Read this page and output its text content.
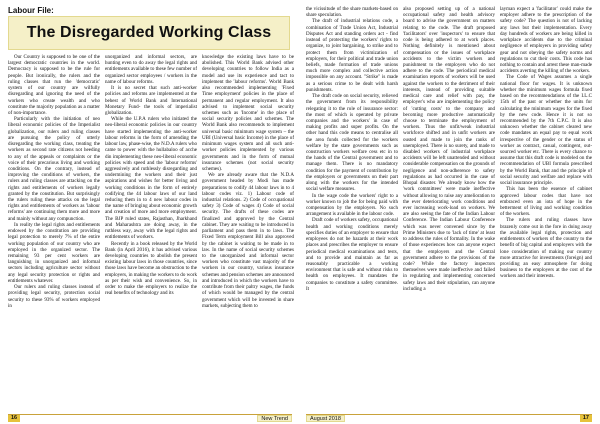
Labour File:
The Disregarded Working Class

Our Country is supposed to be one of the largest democratic countries in the world. Democracy is supposed to be the rule for people. But ironically, the rulers and the ruling classes that run the 'democratic' system of our country are wilfully disregarding and ignoring the need of the workers who create wealth and who constitute the majority population as a matter of non-importance.

Particularly with the initiation of neo liberal economic policies of the Imperialist globalization, our rulers and ruling classes are pursuing the policy of utterly disregarding the working class, treating the workers as second rate citizens not heeding to any of the appeals or complaints or the voice of their precarious living and working conditions. On the contrary, instead of improving the conditions of workers, the rulers and ruling classes are attacking on the rights and entitlements of workers legally granted by the constitution. But surprisingly the rulers ruling these attacks on the legal rights and entitlements of workers as 'labour reforms' are continuing them more and more and mainly without any compunction.

In reality the legal rights and entitlements endowed by the constitution are providing legal protection to merely 7% of the entire working population of our country who are employed in the organized sector. The remaining 93 per cent workers are languishing in unorganized and informal sectors including agriculture sector without any legal security protection or rights and entitlements whatever.

Our rulers and ruling classes instead of providing legal security, protection social security to these 93% of workers employed in

unorganized and informal sectors, are hunting even to do away the legal rights and entitlements available to these few number of organized sector employees / workers in the name of labour reforms.

It is no secret that such anti-worker policies and reforms are implemented at the behest of World Bank and International Monetary Fund- the tools of imperialist globalization.

While the U.P.A rulers who initiated the neo-liberal economic policies in our country have started implementing the anti-worker labour reforms in the form of amending the labour law, phase-wise, the N.D.A rulers who came to power with the hullabaloo of acche din implementing these neo-liberal economic policies with speed and the 'labour reforms' aggressively and ruthlessly disregarding and undermining the workers and their just aspirations and wishes for better living and working conditions in the form of entirely codifying the 44 labour laws of our land reducing them in to 4 new labour codes in the name of bringing about economic growth and creation of more and more employment. The BJP ruled states, Rajasthan, Jharkhand and Maharashtra are doing away, in the ruthless way, away with the legal rights and entitlements of workers.

Recently in a book released by the World Bank (in April 2016), it has advised various developing countries to abolish the present existing labour laws in those countries, since those laws have become an obstruction to the employers, in making the workers to do work as per their wish and convenience. So, in order to make the employers to realize the real benefits of technology and its

knowledge the existing laws have to be abolished. This World Bank advised other developing countries to follow India as a model and use its experience and tact to implement the 'labour reforms'. World Bank also recommended implementing 'Fixed Time employment' policies in the place of permanent and regular employment. It also advised to implement social security schemes such as 'Income' in the place of social security policies and schemes. The World Bank also recommends to implement universal basic minimum wage system – the UBI (Universal basic Income) in the place of minimum wages system and all such anti-worker policies implemented by various governments and in the form of mutual insurance schemes (not social security schemes).

We are already aware that the N.D.A government headed by Modi has made preparations to codify 44 labour laws in to 4 labour codes viz. 1) Labour code of industrial relations. 2) Code of occupational safety 3) Code of wages 4) Code of social security. The drafts of these codes are finalized and approved by the Central cabinet. They are waiting to be introduced in parliament and pass them in to laws. The Fixed Term employment Bill also approved by the cabinet is waiting to be made in to law. In the name of social security schemes to the unorganized and informal sector workers who constitute vast majority of the workers in our country, various insurance schemes and pension schemes are announced and introduced in which the workers have to contribute from their paltry wages, the funds of which would be managed by the central government which will be invested in share markets, subjecting them to

16	New Trend

the vicissitude of the share markets-based on share speculation.

The draft of industrial relations code, a combination of Trade Union Act, Industrial Disputes Act and standing orders act - find instead of protecting the workers' rights to organize, to joint bargaining, to strike and to protect them from victimization of employers, for their political and trade union beliefs, made formation of trade unions much more complex and collective action impossible on any account. "Strike" is made as a serious crime to be dealt with harsh punishments.

The draft code on social security, relieved the government from its responsibility relegating it to the role of insurance sector: the most of which is operated by private companies and the workers' in case of making profits and super profits. On the other hand this code means to centralise all the area funds collected for the workers welfare by the state governments such as construction workers welfare cess etc in to the hands of the Central government and to manage them. There is no mandatory condition for the payment of contribution by the employers or governments on their part along with the workers for the intended social welfare measures.

In the wage code the workers' right to a worker known to job the for being paid with compensation by the employers. No such arrangement is available in the labour code.

Draft code of workers safety, occupational health and working conditions merely specifies duties of an employer to ensure that employees do not be hazards at their work places and prescribes the employer to ensure periodical medical examinations and tests, and to provide and maintain as far as reasonably practicable a working environment that is safe and without risks to health on employees. It mandates the companies to constitute a safety committee. It

also proposed setting up of a national occupational safety and health advisory board to advise the government on matters relating to the code. The draft proposed 'facilitators' over 'inspectors' to ensure that code is being adhered to at work places. Nothing definitely is mentioned about compensation or the issues of workplace accidents to the victim workers and punishment to the employers who do not adhere to the code. The periodical medical examination reports of workers will be used against the workers to the detriment of their interests, instead of providing suitable medical care and relief with pay, the employer's who are implementing the policy of 'cutting costs' to the company and becoming more productive automatically choose to terminate the employment of workers. Thus the unfit/weak industrial workforce shifted and in unfit workers are ousted and made to join the ranks of unemployed. There is no surety, and made to disabled workers of industrial workplace accidents will be left unattended and without considerable compensation on the grounds of negligence and non-adherence to safety regulations as had occurred in the case of Bhopal disaster. We already know how the 'work committees' were made ineffective without allowing to raise any amelioration to the ever deteriorating work conditions and ever increasing work-load on workers. We are also seeing the fate of the Indian Labour Conference. The Indian Labour Conference which was never convened since by the Prime Ministers due to 'lack of time' at least to address the rules of formality. In the wake of those experiences how can anyone expect that the employers and the Central government adhere to the provisions of the code? While the factory inspectors themselves were made ineffective and failed in regulating and implementing concerned safety laws and their stipulation, can anyone including a

layman expect a 'facilitator' could make the employer adhere to the prescription of the safety code? The question is not of lacking any laws but their implementation. Every day hundreds of workers are being killed in workplace accidents due to the criminal negligence of employers in providing safety gear and not obeying the safety norms and regulations to cut their costs. This code has nothing to contain and arrest these man-made accidents averting the killing of the workers.

The Code of Wages assumes a single national floor for wages. It is unknown whether the minimum wages formula fixed based on the recommendations of the I.L.C 15th of the past or whether the units for calculating the minimum wages for the fixed by the new code. Hence it is not so recommended by the 7th C.P.C. It is also unknown whether the cabinet cleared new code mandates an equal pay to equal work irrespective of the gender or the status of worker as contract, casual, contingent, out-sourced worker etc. There is every chance to assume that this draft code is modeled on the recommendation of UBI formula prescribed by the World Bank, that and the principle of social security and welfare and replace with social insurance principle.

This has been the essence of cabinet approved labour codes that have not embraced even an iota of hope in the betterment of living and working condition of the workers.

The rulers and ruling classes have brazenly come out in the fore in doing away the available legal rights, protection and entitlements of workers of the country to the benefit of big capital and employers with the lone consideration of making our country more attractive for investments (foreign) and providing an easy atmosphere for doing business to the employers at the cost of the workers and their interests.

August 2018	17
